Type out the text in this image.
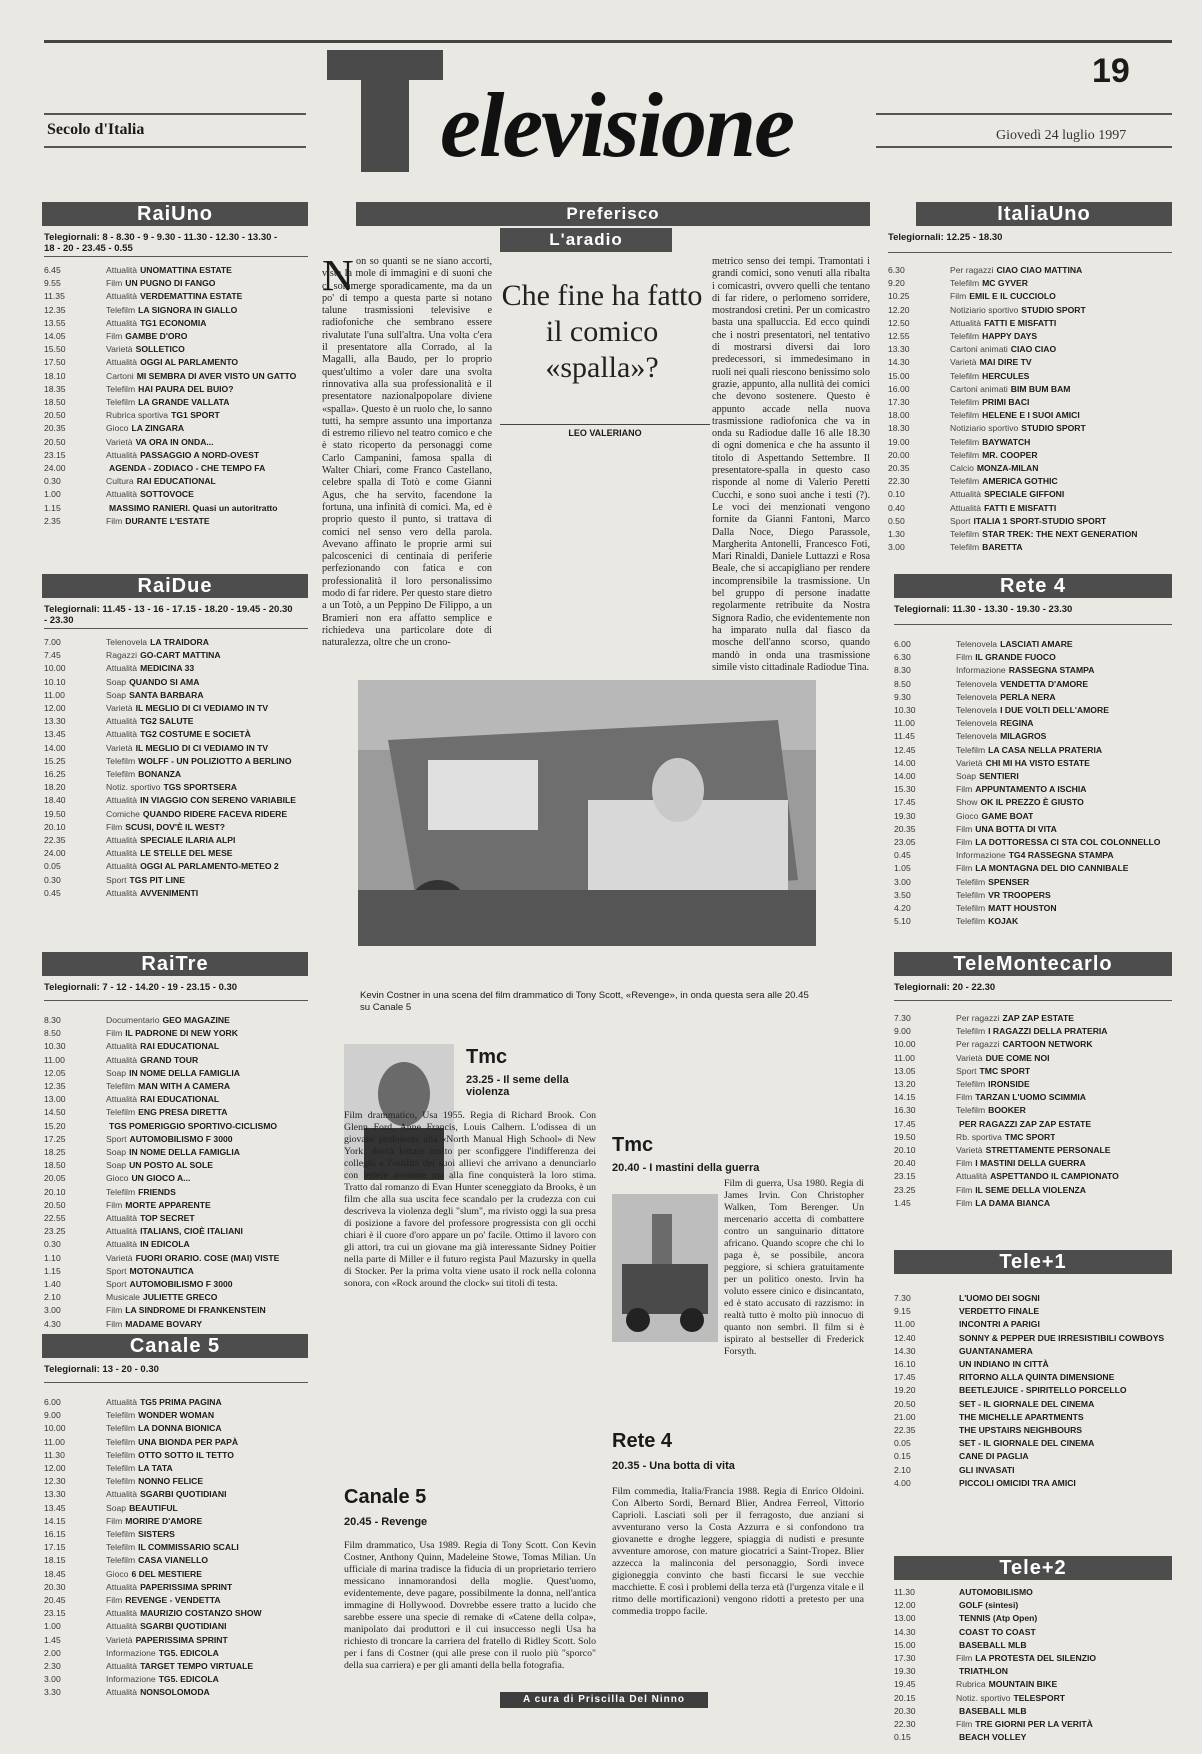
19
Secolo d'Italia	elevisione	Giovedì 24 luglio 1997
RaiUno
Telegiornali: 8 - 8.30 - 9 - 9.30 - 11.30 - 12.30 - 13.30 - 18 - 20 - 23.45 - 0.55
6.45	Attualità UNOMATTINA ESTATE
9.55	Film UN PUGNO DI FANGO
11.35	Attualità VERDEMATTINA ESTATE
12.35	Telefilm LA SIGNORA IN GIALLO
13.55	Attualità TG1 ECONOMIA
14.05	Film GAMBE D'ORO
15.50	Varietà SOLLETICO
17.50	Attualità OGGI AL PARLAMENTO
18.10	Cartoni MI SEMBRA DI AVER VISTO UN GATTO
18.35	Telefilm HAI PAURA DEL BUIO?
18.50	Telefilm LA GRANDE VALLATA
20.50	Rubrica sportiva TG1 SPORT
20.35	Gioco LA ZINGARA
20.50	Varietà VA ORA IN ONDA...
23.15	Attualità PASSAGGIO A NORD-OVEST
24.00	AGENDA - ZODIACO - CHE TEMPO FA
0.30	Cultura RAI EDUCATIONAL
1.00	Attualità SOTTOVOCE
1.15	MASSIMO RANIERI. Quasi un autoritratto
2.35	Film DURANTE L'ESTATE
RaiDue
Telegiornali: 11.45 - 13 - 16 - 17.15 - 18.20 - 19.45 - 20.30 - 23.30
7.00	Telenovela LA TRAIDORA
7.45	Ragazzi GO-CART MATTINA
10.00	Attualità MEDICINA 33
10.10	Soap QUANDO SI AMA
11.00	Soap SANTA BARBARA
12.00	Varietà IL MEGLIO DI CI VEDIAMO IN TV
13.30	Attualità TG2 SALUTE
13.45	Attualità TG2 COSTUME E SOCIETÀ
14.00	Varietà IL MEGLIO DI CI VEDIAMO IN TV
15.25	Telefilm WOLFF - UN POLIZIOTTO A BERLINO
16.25	Telefilm BONANZA
18.20	Notiz. sportivo TGS SPORTSERA
18.40	Attualità IN VIAGGIO CON SERENO VARIABILE
19.50	Comiche QUANDO RIDERE FACEVA RIDERE
20.10	Film SCUSI, DOV'È IL WEST?
22.35	Attualità SPECIALE ILARIA ALPI
24.00	Attualità LE STELLE DEL MESE
0.05	Attualità OGGI AL PARLAMENTO-METEO 2
0.30	Sport TGS PIT LINE
0.45	Attualità AVVENIMENTI
RaiTre
Telegiornali: 7 - 12 - 14.20 - 19 - 23.15 - 0.30
8.30	Documentario GEO MAGAZINE
8.50	Film IL PADRONE DI NEW YORK
10.30	Attualità RAI EDUCATIONAL
11.00	Attualità GRAND TOUR
12.05	Soap IN NOME DELLA FAMIGLIA
12.35	Telefilm MAN WITH A CAMERA
13.00	Attualità RAI EDUCATIONAL
14.50	Telefilm ENG PRESA DIRETTA
15.20	TGS POMERIGGIO SPORTIVO-CICLISMO
17.25	Sport AUTOMOBILISMO F 3000
18.25	Soap IN NOME DELLA FAMIGLIA
18.50	Soap UN POSTO AL SOLE
20.05	Gioco UN GIOCO A...
20.10	Telefilm FRIENDS
20.50	Film MORTE APPARENTE
22.55	Attualità TOP SECRET
23.25	Attualità ITALIANS, CIOÈ ITALIANI
0.30	Attualità IN EDICOLA
1.10	Varietà FUORI ORARIO. COSE (MAI) VISTE
1.15	Sport MOTONAUTICA
1.40	Sport AUTOMOBILISMO F 3000
2.10	Musicale JULIETTE GRECO
3.00	Film LA SINDROME DI FRANKENSTEIN
4.30	Film MADAME BOVARY
Canale 5
Telegiornali: 13 - 20 - 0.30
6.00	Attualità TG5 PRIMA PAGINA
9.00	Telefilm WONDER WOMAN
10.00	Telefilm LA DONNA BIONICA
11.00	Telefilm UNA BIONDA PER PAPÀ
11.30	Telefilm OTTO SOTTO IL TETTO
12.00	Telefilm LA TATA
12.30	Telefilm NONNO FELICE
13.30	Attualità SGARBI QUOTIDIANI
13.45	Soap BEAUTIFUL
14.15	Film MORIRE D'AMORE
16.15	Telefilm SISTERS
17.15	Telefilm IL COMMISSARIO SCALI
18.15	Telefilm CASA VIANELLO
18.45	Gioco 6 DEL MESTIERE
20.30	Attualità PAPERISSIMA SPRINT
20.45	Film REVENGE - VENDETTA
23.15	Attualità MAURIZIO COSTANZO SHOW
1.00	Attualità SGARBI QUOTIDIANI
1.45	Varietà PAPERISSIMA SPRINT
2.00	Informazione TG5. EDICOLA
2.30	Attualità TARGET TEMPO VIRTUALE
3.00	Informazione TG5. EDICOLA
3.30	Attualità NONSOLOMODA
ItaliaUno
Telegiornali: 12.25 - 18.30
6.30	Per ragazzi CIAO CIAO MATTINA
9.20	Telefilm MC GYVER
10.25	Film EMIL E IL CUCCIOLO
12.20	Notiziario sportivo STUDIO SPORT
12.50	Attualità FATTI E MISFATTI
12.55	Telefilm HAPPY DAYS
13.30	Cartoni animati CIAO CIAO
14.30	Varietà MAI DIRE TV
15.00	Telefilm HERCULES
16.00	Cartoni animati BIM BUM BAM
17.30	Telefilm PRIMI BACI
18.00	Telefilm HELENE E I SUOI AMICI
18.30	Notiziario sportivo STUDIO SPORT
19.00	Telefilm BAYWATCH
20.00	Telefilm MR. COOPER
20.35	Calcio MONZA-MILAN
22.30	Telefilm AMERICA GOTHIC
0.10	Attualità SPECIALE GIFFONI
0.40	Attualità FATTI E MISFATTI
0.50	Sport ITALIA 1 SPORT-STUDIO SPORT
1.30	Telefilm STAR TREK: THE NEXT GENERATION
3.00	Telefilm BARETTA
Rete 4
Telegiornali: 11.30 - 13.30 - 19.30 - 23.30
6.00	Telenovela LASCIATI AMARE
6.30	Film IL GRANDE FUOCO
8.30	Informazione RASSEGNA STAMPA
8.50	Telenovela VENDETTA D'AMORE
9.30	Telenovela PERLA NERA
10.30	Telenovela I DUE VOLTI DELL'AMORE
11.00	Telenovela REGINA
11.45	Telenovela MILAGROS
12.45	Telefilm LA CASA NELLA PRATERIA
14.00	Varietà CHI MI HA VISTO ESTATE
14.00	Soap SENTIERI
15.30	Film APPUNTAMENTO A ISCHIA
17.45	Show OK IL PREZZO È GIUSTO
19.30	Gioco GAME BOAT
20.35	Film UNA BOTTA DI VITA
23.05	Film LA DOTTORESSA CI STA COL COLONNELLO
0.45	Informazione TG4 RASSEGNA STAMPA
1.05	Film LA MONTAGNA DEL DIO CANNIBALE
3.00	Telefilm SPENSER
3.50	Telefilm VR TROOPERS
4.20	Telefilm MATT HOUSTON
5.10	Telefilm KOJAK
TeleMontecarlo
Telegiornali: 20 - 22.30
7.30	Per ragazzi ZAP ZAP ESTATE
9.00	Telefilm I RAGAZZI DELLA PRATERIA
10.00	Per ragazzi CARTOON NETWORK
11.00	Varietà DUE COME NOI
13.05	Sport TMC SPORT
13.20	Telefilm IRONSIDE
14.15	Film TARZAN L'UOMO SCIMMIA
16.30	Telefilm BOOKER
17.45	PER RAGAZZI ZAP ZAP ESTATE
19.50	Rb. sportiva TMC SPORT
20.10	Varietà STRETTAMENTE PERSONALE
20.40	Film I MASTINI DELLA GUERRA
23.15	Attualità ASPETTANDO IL CAMPIONATO
23.25	Film IL SEME DELLA VIOLENZA
1.45	Film LA DAMA BIANCA
Tele+1
7.30	L'UOMO DEI SOGNI
9.15	VERDETTO FINALE
11.00	INCONTRI A PARIGI
12.40	SONNY & PEPPER DUE IRRESISTIBILI COWBOYS
14.30	GUANTANAMERA
16.10	UN INDIANO IN CITTÀ
17.45	RITORNO ALLA QUINTA DIMENSIONE
19.20	BEETLEJUICE - SPIRITELLO PORCELLO
20.50	SET - IL GIORNALE DEL CINEMA
21.00	THE MICHELLE APARTMENTS
22.35	THE UPSTAIRS NEIGHBOURS
0.05	SET - IL GIORNALE DEL CINEMA
0.15	CANE DI PAGLIA
2.10	GLI INVASATI
4.00	PICCOLI OMICIDI TRA AMICI
Tele+2
11.30	AUTOMOBILISMO
12.00	GOLF (sintesi)
13.00	TENNIS (Atp Open)
14.30	COAST TO COAST
15.00	BASEBALL MLB
17.30	Film LA PROTESTA DEL SILENZIO
19.30	TRIATHLON
19.45	Rubrica MOUNTAIN BIKE
20.15	Notiz. sportivo TELESPORT
20.30	BASEBALL MLB
22.30	Film TRE GIORNI PER LA VERITÀ
0.15	BEACH VOLLEY
Preferisco
L'aradio
N on so quanti se ne siano accorti, vista la mole di immagini e di suoni che ci sommerge sporadicamente, ma da un po' di tempo a questa parte si notano talune trasmissioni televisive e radiofoniche che sembrano essere rivalutate l'una sull'altra. Una volta c'era il presentatore alla Corrado, al la Magalli, alla Baudo, per lo proprio quest'ultimo a voler dare una svolta rinnovativa alla sua professionalità e il presentatore nazionalpopolare diviene «spalla». Questo è un ruolo che, lo sanno tutti, ha sempre assunto una importanza di estremo rilievo nel teatro comico e che è stato ricoperto da personaggi come Carlo Campanini, famosa spalla di Walter Chiari, come Franco Castellano, celebre spalla di Totò e come Gianni Agus, che ha servito, facendone la fortuna, una infinità di comici. Ma, ed è proprio questo il punto, si trattava di comici nel senso vero della parola. Avevano affinato le proprie armi sui palcoscenici di centinaia di periferie perfezionando con fatica e con professionalità il loro personalissimo modo di far ridere. Per questo stare dietro a un Totò, a un Peppino De Filippo, a un Bramieri non era affatto semplice e richiedeva una particolare dote di naturalezza, oltre che un crono-
Che fine ha fatto il comico «spalla»?
LEO VALERIANO
metrico senso dei tempi. Tramontati i grandi comici, sono venuti alla ribalta i comicastri, ovvero quelli che tentano di far ridere, o perlomeno sorridere, mostrandosi cretini. Per un comicastro basta una spalluccia. Ed ecco quindi che i nostri presentatori, nel tentativo di mostrarsi diversi dai loro predecessori, si immedesimano in ruoli nei quali riescono benissimo solo grazie, appunto, alla nullità dei comici che devono sostenere. Questo è appunto accade nella nuova trasmissione radiofonica che va in onda su Radiodue dalle 16 alle 18.30 di ogni domenica e che ha assunto il titolo di Aspettando Settembre. Il presentatore-spalla in questo caso risponde al nome di Valerio Peretti Cucchi, e sono suoi anche i testi (?). Le voci dei menzionati vengono fornite da Gianni Fantoni, Marco Dalla Noce, Diego Parassole, Margherita Antonelli, Francesco Foti, Mari Rinaldi, Daniele Luttazzi e Rosa Beale, che si accapigliano per rendere incomprensibile la trasmissione. Un bel gruppo di persone inadatte regolarmente retribuite da Nostra Signora Radio, che evidentemente non ha imparato nulla dal fiasco da mosche dell'anno scorso, quando mandò in onda una trasmissione simile visto cittadinale Radiodue Tina.
Kevin Costner in una scena del film drammatico di Tony Scott, «Revenge», in onda questa sera alle 20.45 su Canale 5
Tmc
23.25 - Il seme della violenza
Film drammatico, Usa 1955. Regia di Richard Brook. Con Glenn Ford, Anne Francis, Louis Calhern. L'odissea di un giovane professore alla «North Manual High School» di New York: dovrà lottare molto per sconfiggere l'indifferenza dei colleghi e l'ostilità dei suoi allievi che arrivano a denunciarlo con lettere anonime ma alla fine conquisterà la loro stima. Tratto dal romanzo di Evan Hunter sceneggiato da Brooks, è un film che alla sua uscita fece scandalo per la crudezza con cui descriveva la violenza degli "slum", ma rivisto oggi la sua presa di posizione a favore del professore progressista con gli occhi chiari è il cuore d'oro appare un po' facile. Ottimo il lavoro con gli attori, tra cui un giovane ma già interessante Sidney Poitier nella parte di Miller e il futuro regista Paul Mazursky in quella di Stocker. Per la prima volta viene usato il rock nella colonna sonora, con «Rock around the clock» sui titoli di testa.
Canale 5
20.45 - Revenge
Film drammatico, Usa 1989. Regia di Tony Scott. Con Kevin Costner, Anthony Quinn, Madeleine Stowe, Tomas Milian. Un ufficiale di marina tradisce la fiducia di un proprietario terriero messicano innamorandosi della moglie. Quest'uomo, evidentemente, deve pagare, possibilmente la donna, nell'antica immagine di Hollywood. Dovrebbe essere tratto a lucido che sarebbe essere una specie di remake di «Catene della colpa», manipolato dai produttori e il cui insuccesso negli Usa ha richiesto di troncare la carriera del fratello di Ridley Scott. Solo per i fans di Costner (qui alle prese con il ruolo più "sporco" della sua carriera) e per gli amanti della bella fotografia.
Tmc
20.40 - I mastini della guerra
Film di guerra, Usa 1980. Regia di James Irvin. Con Christopher Walken, Tom Berenger. Un mercenario accetta di combattere contro un sanguinario dittatore africano. Quando scopre che chi lo paga è, se possibile, ancora peggiore, si schiera gratuitamente per un politico onesto. Irvin ha voluto essere cinico e disincantato, ed è stato accusato di razzismo: in realtà tutto è molto più innocuo di quanto non sembri. Il film si è ispirato al bestseller di Frederick Forsyth.
Rete 4
20.35 - Una botta di vita
Film commedia, Italia/Francia 1988. Regia di Enrico Oldoini. Con Alberto Sordi, Bernard Blier, Andrea Ferreol, Vittorio Caprioli. Lasciati soli per il ferragosto, due anziani si avventurano verso la Costa Azzurra e si confondono tra giovanette e droghe leggere, spiaggia di nudisti e presunte avventure amorose, con mature giocatrici a Saint-Tropez. Blier azzecca la malinconia del personaggio, Sordi invece gigioneggia convinto che basti ficcarsi le sue vecchie macchiette. E così i problemi della terza età (l'urgenza vitale e il ritmo delle mortificazioni) vengono ridotti a pretesto per una commedia troppo facile.
A cura di Priscilla Del Ninno
